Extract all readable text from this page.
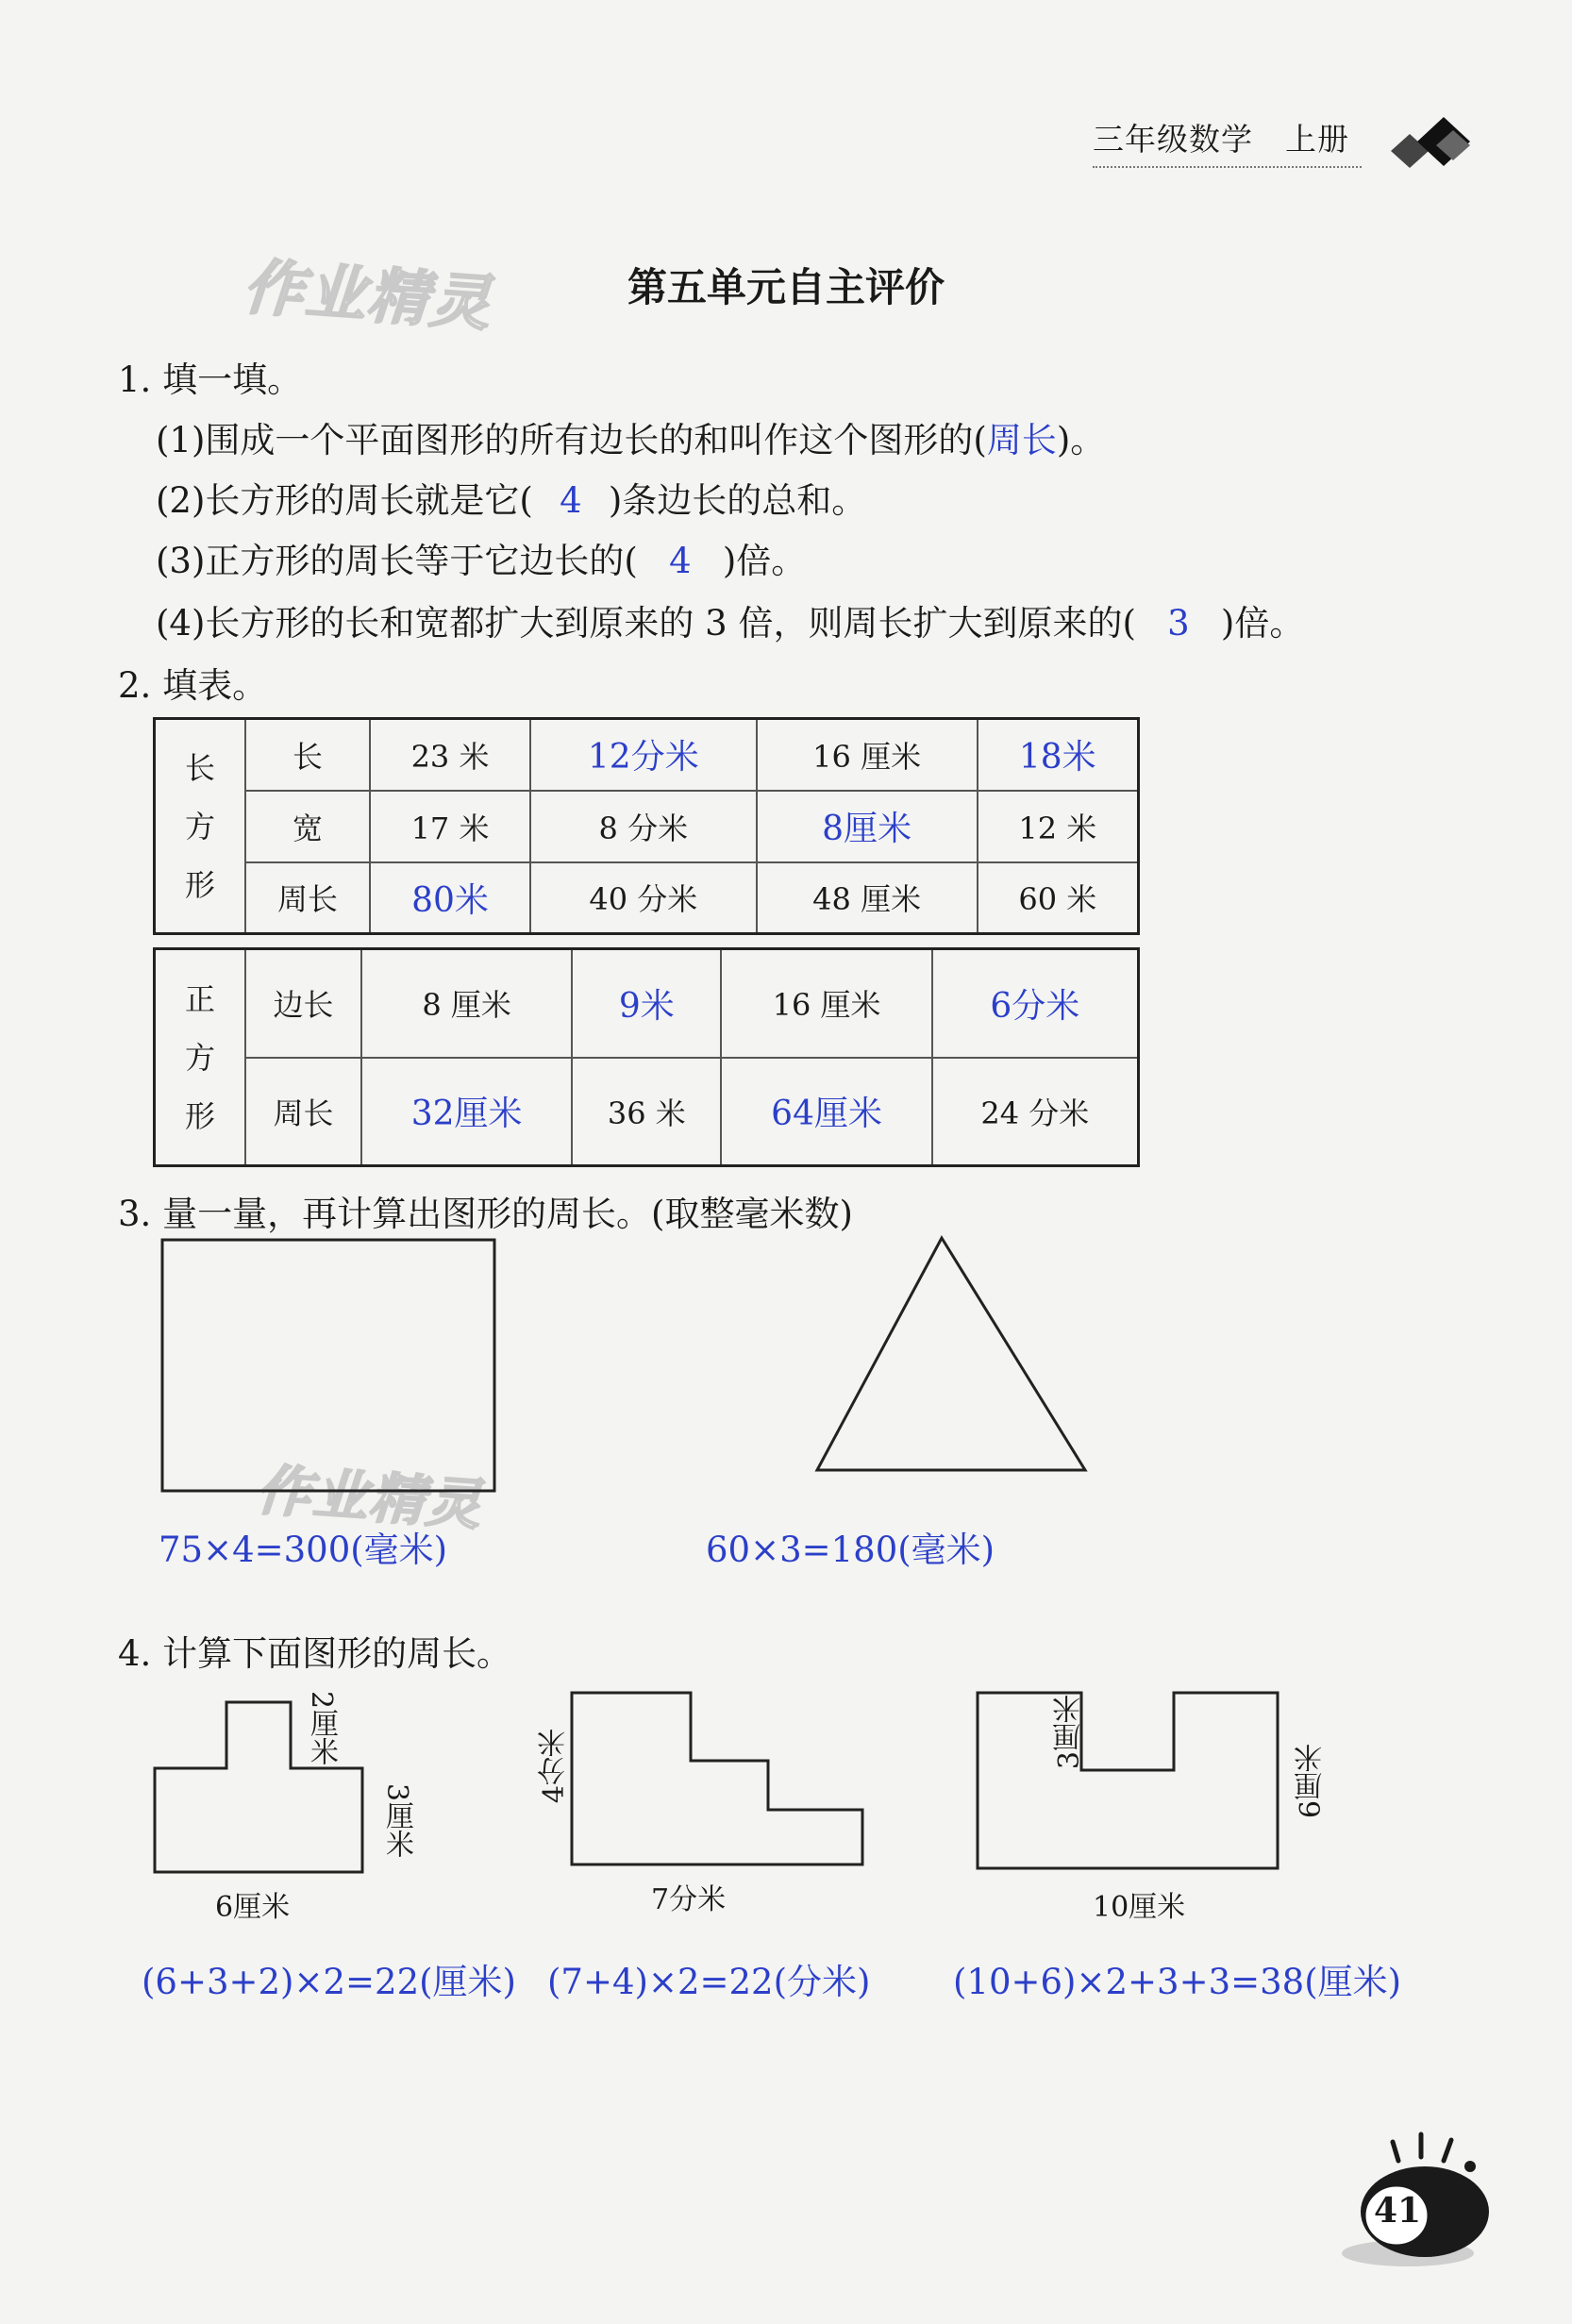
三年级数学　上册
作业精灵
作业精灵
第五单元自主评价
1. 填一填。
(1)围成一个平面图形的所有边长的和叫作这个图形的(周长)。
(2)长方形的周长就是它( 4 )条边长的总和。
(3)正方形的周长等于它边长的( 4 )倍。
(4)长方形的长和宽都扩大到原来的 3 倍，则周长扩大到原来的( 3 )倍。
2. 填表。
长
方
形	长	23 米	12分米	16 厘米	18米
	宽	17 米	8 分米	8厘米	12 米
	周长	80米	40 分米	48 厘米	60 米
正
方
形	边长	8 厘米	9米	16 厘米	6分米
	周长	32厘米	36 米	64厘米	24 分米
3. 量一量，再计算出图形的周长。(取整毫米数)
75×4=300(毫米)	60×3=180(毫米)
4. 计算下面图形的周长。
2厘米
3厘米
6厘米
4分米
7分米
3厘米
6厘米
10厘米
(6+3+2)×2=22(厘米) (7+4)×2=22(分米) (10+6)×2+3+3=38(厘米)
41
